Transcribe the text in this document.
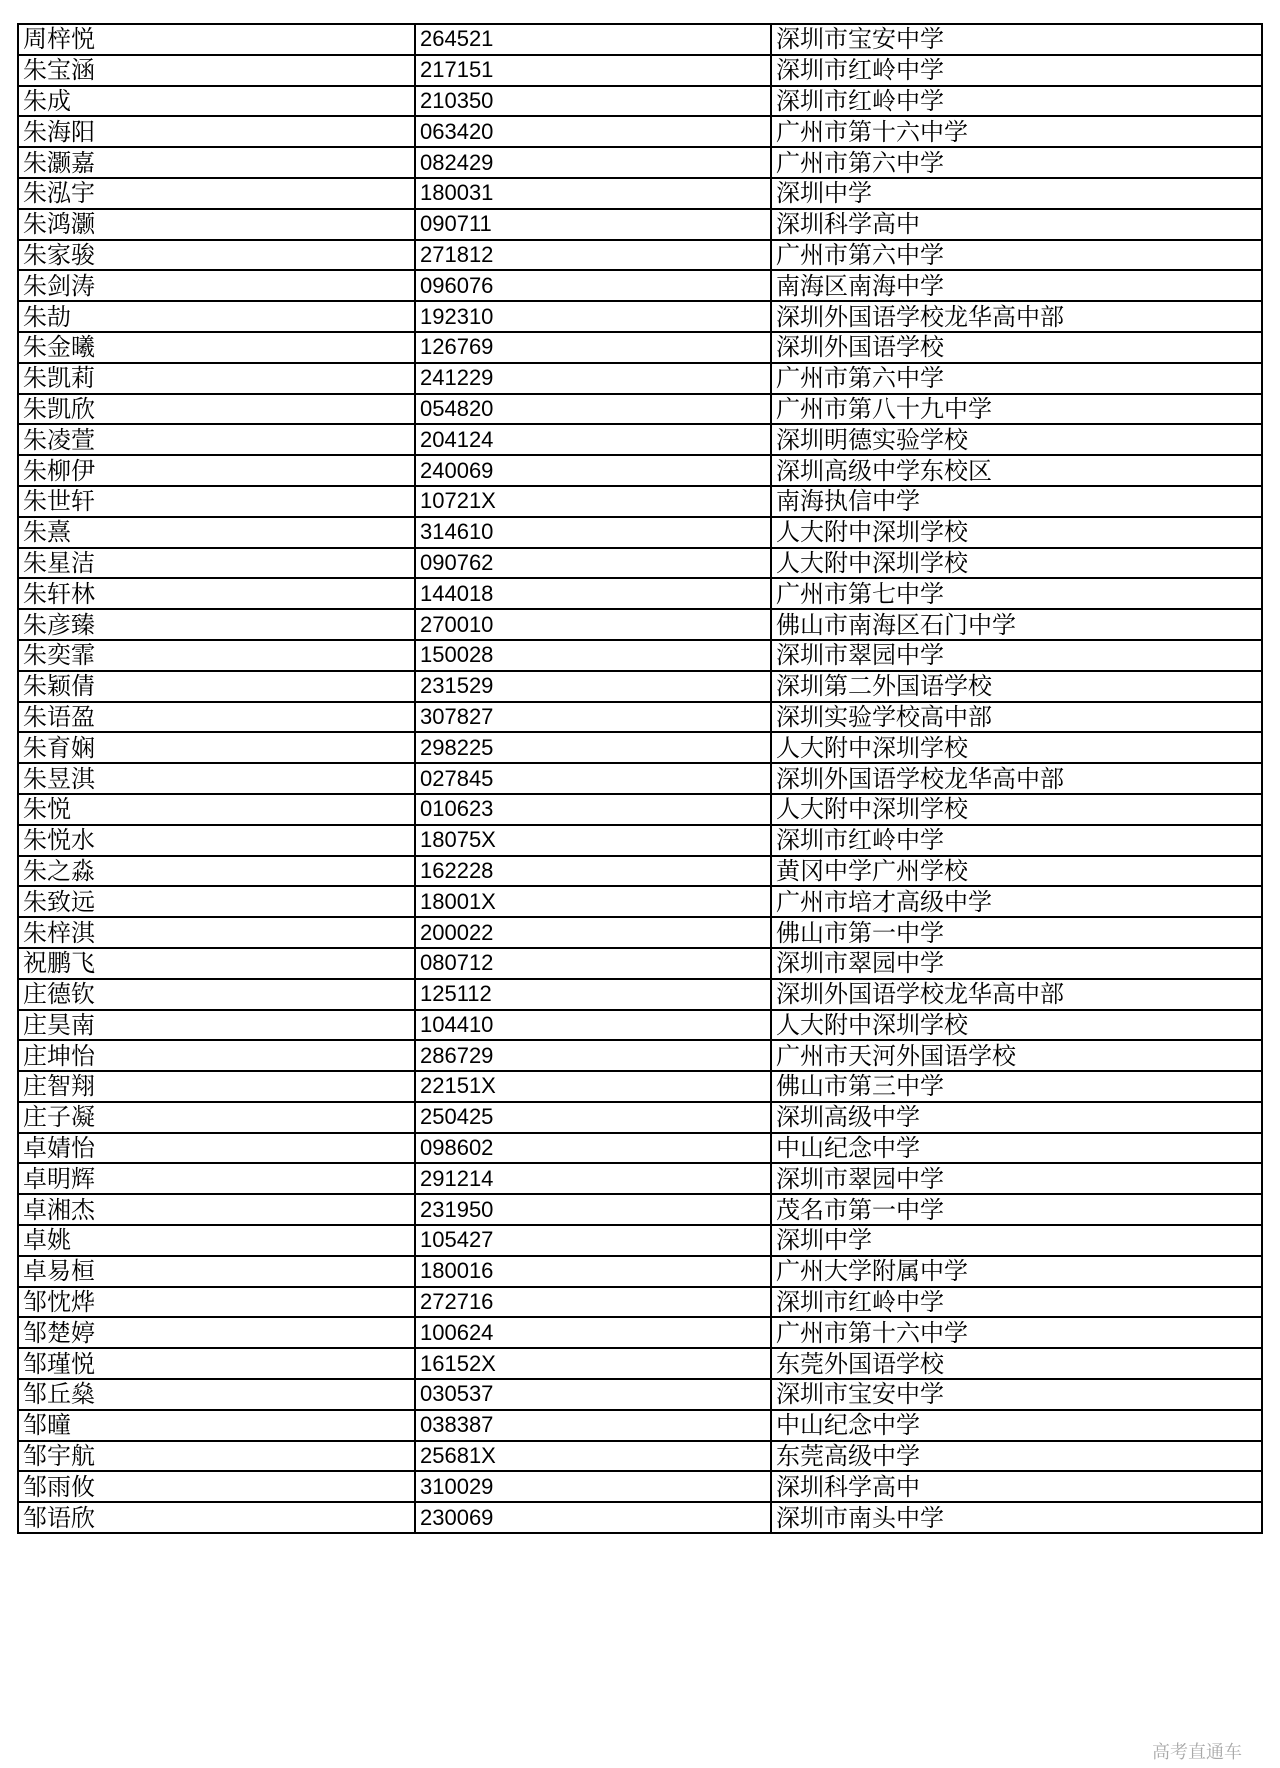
周梓悦	264521	深圳市宝安中学
朱宝涵	217151	深圳市红岭中学
朱成	210350	深圳市红岭中学
朱海阳	063420	广州市第十六中学
朱灏嘉	082429	广州市第六中学
朱泓宇	180031	深圳中学
朱鸿灏	090711	深圳科学高中
朱家骏	271812	广州市第六中学
朱剑涛	096076	南海区南海中学
朱劼	192310	深圳外国语学校龙华高中部
朱金曦	126769	深圳外国语学校
朱凯莉	241229	广州市第六中学
朱凯欣	054820	广州市第八十九中学
朱凌萱	204124	深圳明德实验学校
朱柳伊	240069	深圳高级中学东校区
朱世轩	10721X	南海执信中学
朱熹	314610	人大附中深圳学校
朱星洁	090762	人大附中深圳学校
朱轩林	144018	广州市第七中学
朱彦臻	270010	佛山市南海区石门中学
朱奕霏	150028	深圳市翠园中学
朱颖倩	231529	深圳第二外国语学校
朱语盈	307827	深圳实验学校高中部
朱育娴	298225	人大附中深圳学校
朱昱淇	027845	深圳外国语学校龙华高中部
朱悦	010623	人大附中深圳学校
朱悦水	18075X	深圳市红岭中学
朱之淼	162228	黄冈中学广州学校
朱致远	18001X	广州市培才高级中学
朱梓淇	200022	佛山市第一中学
祝鹏飞	080712	深圳市翠园中学
庄德钦	125112	深圳外国语学校龙华高中部
庄昊南	104410	人大附中深圳学校
庄坤怡	286729	广州市天河外国语学校
庄智翔	22151X	佛山市第三中学
庄子凝	250425	深圳高级中学
卓婧怡	098602	中山纪念中学
卓明辉	291214	深圳市翠园中学
卓湘杰	231950	茂名市第一中学
卓姚	105427	深圳中学
卓易桓	180016	广州大学附属中学
邹忱烨	272716	深圳市红岭中学
邹楚婷	100624	广州市第十六中学
邹瑾悦	16152X	东莞外国语学校
邹丘燊	030537	深圳市宝安中学
邹曈	038387	中山纪念中学
邹宇航	25681X	东莞高级中学
邹雨攸	310029	深圳科学高中
邹语欣	230069	深圳市南头中学
高考直通车
